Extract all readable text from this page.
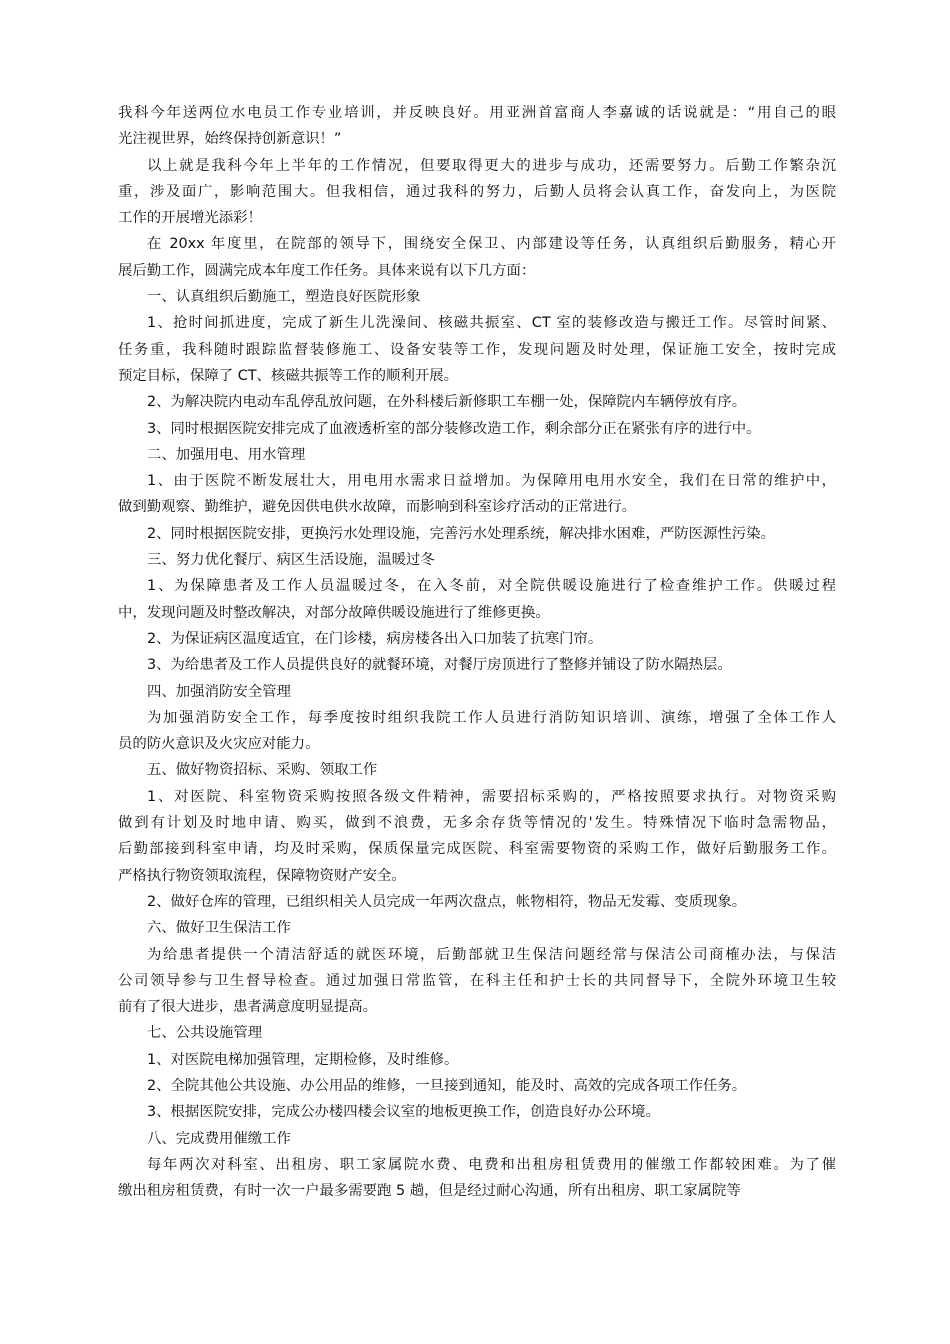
我科今年送两位水电员工作专业培训，并反映良好。用亚洲首富商人李嘉诚的话说就是：“用自己的眼
光注视世界，始终保持创新意识！”
以上就是我科今年上半年的工作情况，但要取得更大的进步与成功，还需要努力。后勤工作繁杂沉
重，涉及面广，影响范围大。但我相信，通过我科的努力，后勤人员将会认真工作，奋发向上，为医院
工作的开展增光添彩！
在 20xx 年度里，在院部的领导下，围绕安全保卫、内部建设等任务，认真组织后勤服务，精心开
展后勤工作，圆满完成本年度工作任务。具体来说有以下几方面：
一、认真组织后勤施工，塑造良好医院形象
1、抢时间抓进度，完成了新生儿洗澡间、核磁共振室、CT 室的装修改造与搬迁工作。尽管时间紧、
任务重，我科随时跟踪监督装修施工、设备安装等工作，发现问题及时处理，保证施工安全，按时完成
预定目标，保障了 CT、核磁共振等工作的顺利开展。
2、为解决院内电动车乱停乱放问题，在外科楼后新修职工车棚一处，保障院内车辆停放有序。
3、同时根据医院安排完成了血液透析室的部分装修改造工作，剩余部分正在紧张有序的进行中。
二、加强用电、用水管理
1、由于医院不断发展壮大，用电用水需求日益增加。为保障用电用水安全，我们在日常的维护中，
做到勤观察、勤维护，避免因供电供水故障，而影响到科室诊疗活动的正常进行。
2、同时根据医院安排，更换污水处理设施，完善污水处理系统，解决排水困难，严防医源性污染。
三、努力优化餐厅、病区生活设施，温暖过冬
1、为保障患者及工作人员温暖过冬，在入冬前，对全院供暖设施进行了检查维护工作。供暖过程
中，发现问题及时整改解决，对部分故障供暖设施进行了维修更换。
2、为保证病区温度适宜，在门诊楼，病房楼各出入口加装了抗寒门帘。
3、为给患者及工作人员提供良好的就餐环境，对餐厅房顶进行了整修并铺设了防水隔热层。
四、加强消防安全管理
为加强消防安全工作，每季度按时组织我院工作人员进行消防知识培训、演练，增强了全体工作人
员的防火意识及火灾应对能力。
五、做好物资招标、采购、领取工作
1、对医院、科室物资采购按照各级文件精神，需要招标采购的，严格按照要求执行。对物资采购
做到有计划及时地申请、购买，做到不浪费，无多余存货等情况的'发生。特殊情况下临时急需物品，
后勤部接到科室申请，均及时采购，保质保量完成医院、科室需要物资的采购工作，做好后勤服务工作。
严格执行物资领取流程，保障物资财产安全。
2、做好仓库的管理，已组织相关人员完成一年两次盘点，帐物相符，物品无发霉、变质现象。
六、做好卫生保洁工作
为给患者提供一个清洁舒适的就医环境，后勤部就卫生保洁问题经常与保洁公司商榷办法，与保洁
公司领导参与卫生督导检查。通过加强日常监管，在科主任和护士长的共同督导下，全院外环境卫生较
前有了很大进步，患者满意度明显提高。
七、公共设施管理
1、对医院电梯加强管理，定期检修，及时维修。
2、全院其他公共设施、办公用品的维修，一旦接到通知，能及时、高效的完成各项工作任务。
3、根据医院安排，完成公办楼四楼会议室的地板更换工作，创造良好办公环境。
八、完成费用催缴工作
每年两次对科室、出租房、职工家属院水费、电费和出租房租赁费用的催缴工作都较困难。为了催
缴出租房租赁费，有时一次一户最多需要跑 5 趟，但是经过耐心沟通，所有出租房、职工家属院等
